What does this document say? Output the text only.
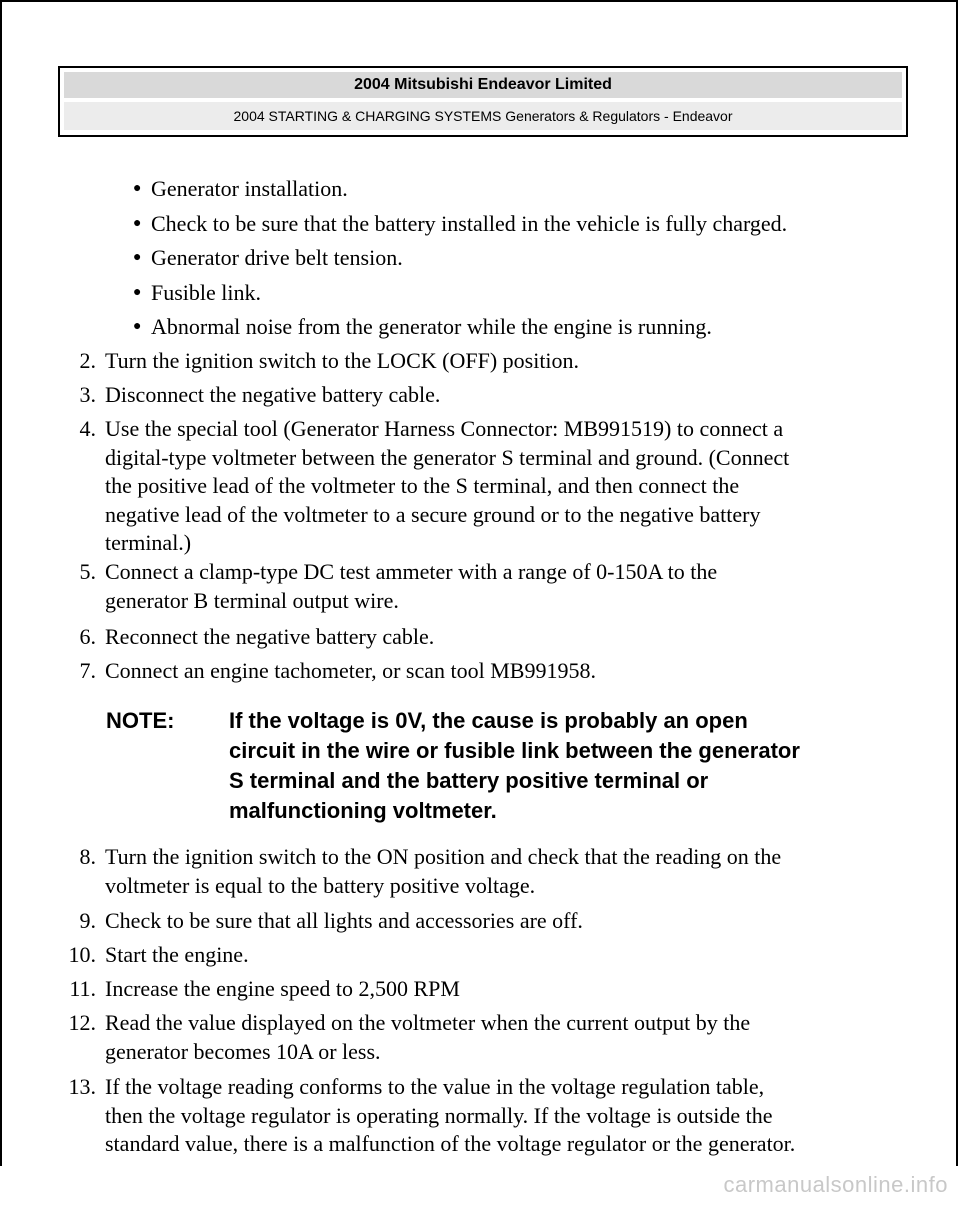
2004 Mitsubishi Endeavor Limited
2004 STARTING & CHARGING SYSTEMS Generators & Regulators - Endeavor
● Generator installation.
● Check to be sure that the battery installed in the vehicle is fully charged.
● Generator drive belt tension.
● Fusible link.
● Abnormal noise from the generator while the engine is running.
2. Turn the ignition switch to the LOCK (OFF) position.
3. Disconnect the negative battery cable.
4. Use the special tool (Generator Harness Connector: MB991519) to connect a
digital-type voltmeter between the generator S terminal and ground. (Connect
the positive lead of the voltmeter to the S terminal, and then connect the
negative lead of the voltmeter to a secure ground or to the negative battery
terminal.)
5. Connect a clamp-type DC test ammeter with a range of 0-150A to the
generator B terminal output wire.
6. Reconnect the negative battery cable.
7. Connect an engine tachometer, or scan tool MB991958.
NOTE: If the voltage is 0V, the cause is probably an open
circuit in the wire or fusible link between the generator
S terminal and the battery positive terminal or
malfunctioning voltmeter.
8. Turn the ignition switch to the ON position and check that the reading on the
voltmeter is equal to the battery positive voltage.
9. Check to be sure that all lights and accessories are off.
10. Start the engine.
11. Increase the engine speed to 2,500 RPM
12. Read the value displayed on the voltmeter when the current output by the
generator becomes 10A or less.
13. If the voltage reading conforms to the value in the voltage regulation table,
then the voltage regulator is operating normally. If the voltage is outside the
standard value, there is a malfunction of the voltage regulator or the generator.
carmanualsonline.info
